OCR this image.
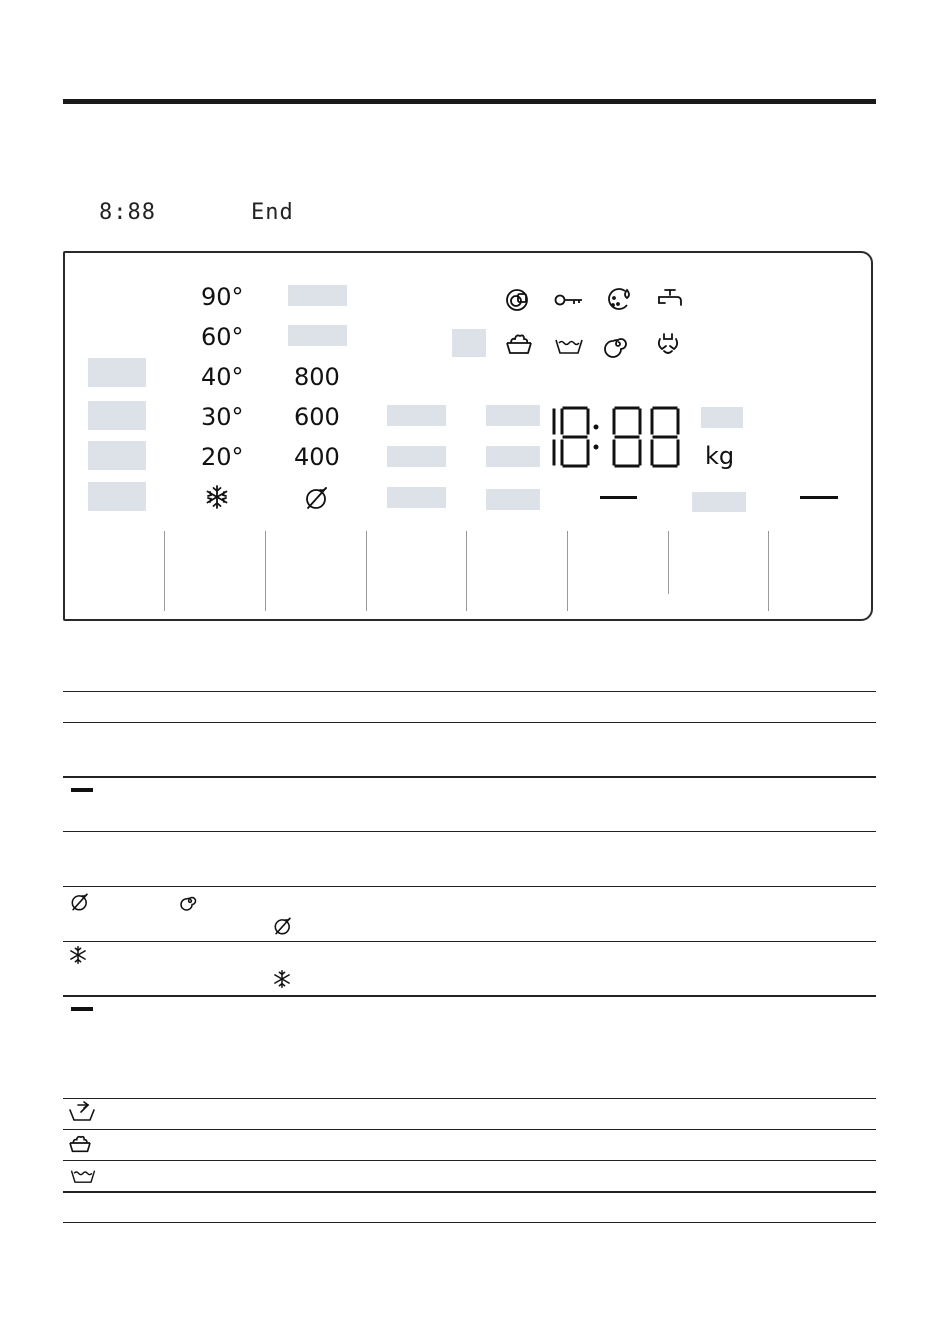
8:88	End
90°
60°
40°
30°
20°
800
600
400	kg
